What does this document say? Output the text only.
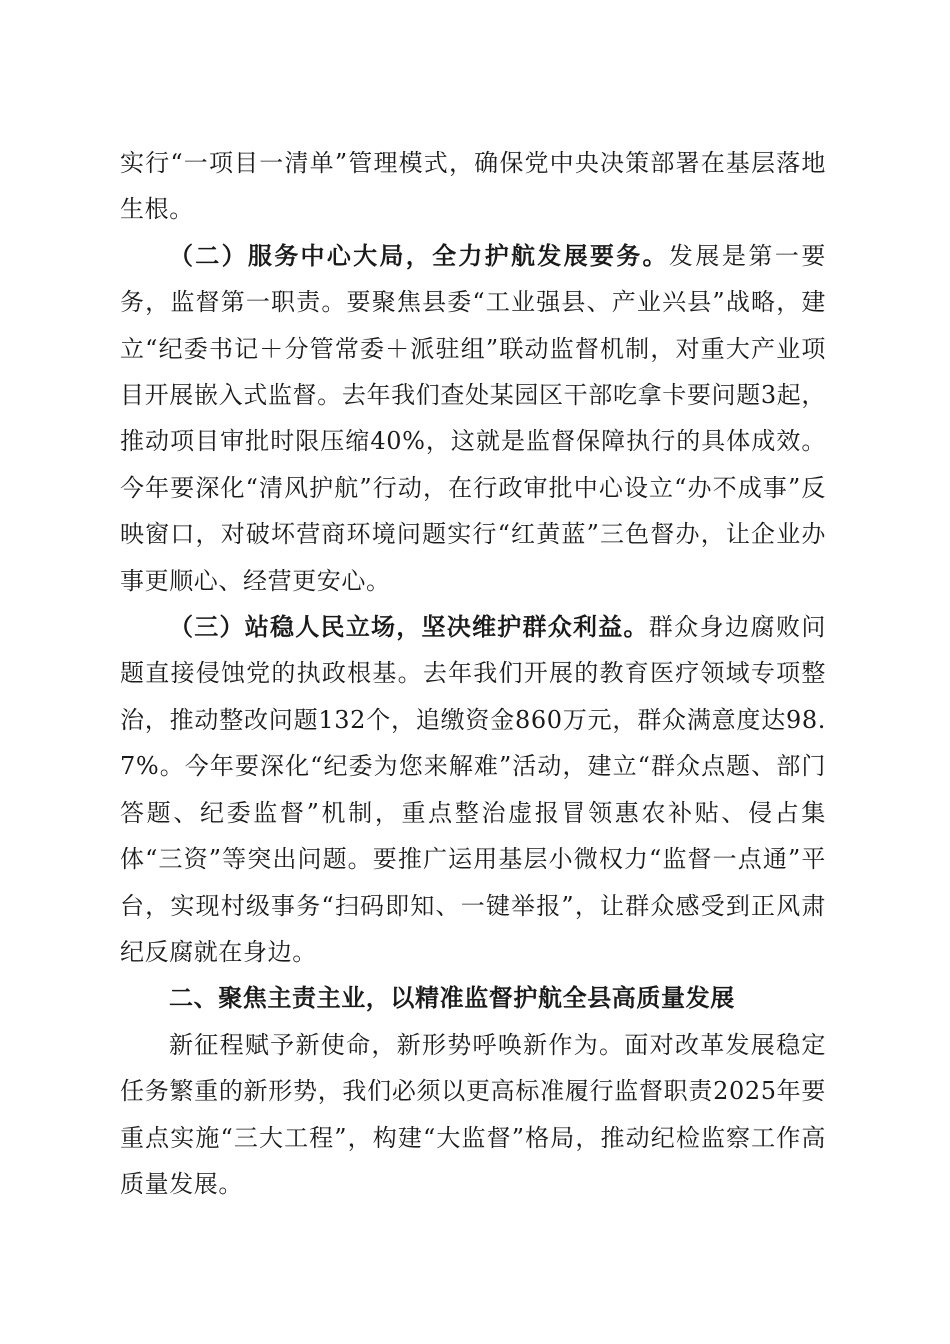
实行“一项目一清单”管理模式，确保党中央决策部署在基层落地生根。

（二）服务中心大局，全力护航发展要务。发展是第一要务，监督第一职责。要聚焦县委“工业强县、产业兴县”战略，建立“纪委书记＋分管常委＋派驻组”联动监督机制，对重大产业项目开展嵌入式监督。去年我们查处某园区干部吃拿卡要问题3起，推动项目审批时限压缩40%，这就是监督保障执行的具体成效。今年要深化“清风护航”行动，在行政审批中心设立“办不成事”反映窗口，对破坏营商环境问题实行“红黄蓝”三色督办，让企业办事更顺心、经营更安心。

（三）站稳人民立场，坚决维护群众利益。群众身边腐败问题直接侵蚀党的执政根基。去年我们开展的教育医疗领域专项整治，推动整改问题132个，追缴资金860万元，群众满意度达98.7%。今年要深化“纪委为您来解难”活动，建立“群众点题、部门答题、纪委监督”机制，重点整治虚报冒领惠农补贴、侵占集体“三资”等突出问题。要推广运用基层小微权力“监督一点通”平台，实现村级事务“扫码即知、一键举报”，让群众感受到正风肃纪反腐就在身边。

二、聚焦主责主业，以精准监督护航全县高质量发展

新征程赋予新使命，新形势呼唤新作为。面对改革发展稳定任务繁重的新形势，我们必须以更高标准履行监督职责2025年要重点实施“三大工程”，构建“大监督”格局，推动纪检监察工作高质量发展。
